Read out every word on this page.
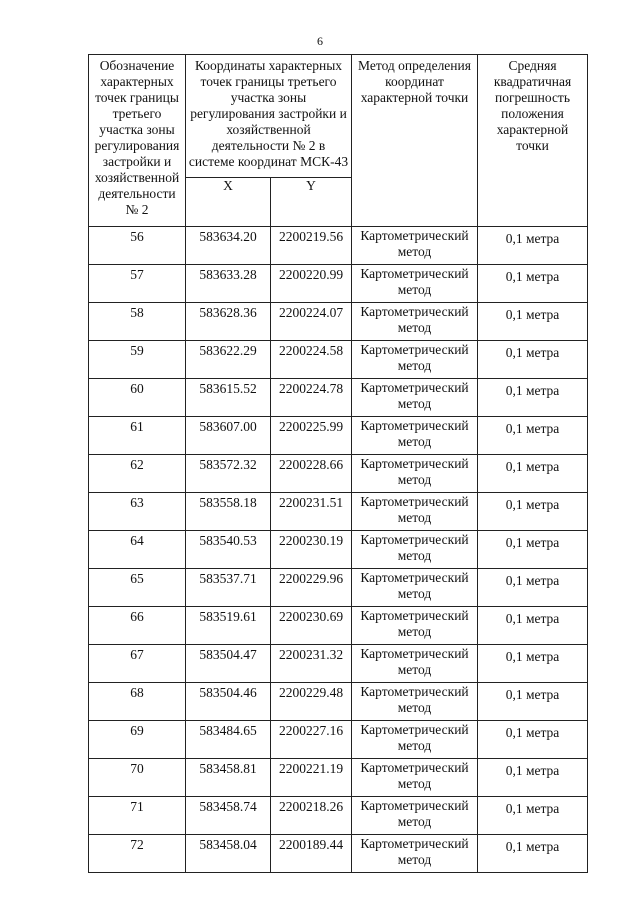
6
Обозначение характерных точек границы третьего участка зоны регулирования застройки и хозяйственной деятельности № 2	Координаты характерных точек границы третьего участка зоны регулирования застройки и хозяйственной деятельности № 2 в системе координат МСК-43		Метод определения координат характерной точки	Средняя квадратичная погрешность положения характерной точки
	X	Y		
56	583634.20	2200219.56	Картометрический метод	0,1 метра
57	583633.28	2200220.99	Картометрический метод	0,1 метра
58	583628.36	2200224.07	Картометрический метод	0,1 метра
59	583622.29	2200224.58	Картометрический метод	0,1 метра
60	583615.52	2200224.78	Картометрический метод	0,1 метра
61	583607.00	2200225.99	Картометрический метод	0,1 метра
62	583572.32	2200228.66	Картометрический метод	0,1 метра
63	583558.18	2200231.51	Картометрический метод	0,1 метра
64	583540.53	2200230.19	Картометрический метод	0,1 метра
65	583537.71	2200229.96	Картометрический метод	0,1 метра
66	583519.61	2200230.69	Картометрический метод	0,1 метра
67	583504.47	2200231.32	Картометрический метод	0,1 метра
68	583504.46	2200229.48	Картометрический метод	0,1 метра
69	583484.65	2200227.16	Картометрический метод	0,1 метра
70	583458.81	2200221.19	Картометрический метод	0,1 метра
71	583458.74	2200218.26	Картометрический метод	0,1 метра
72	583458.04	2200189.44	Картометрический метод	0,1 метра
